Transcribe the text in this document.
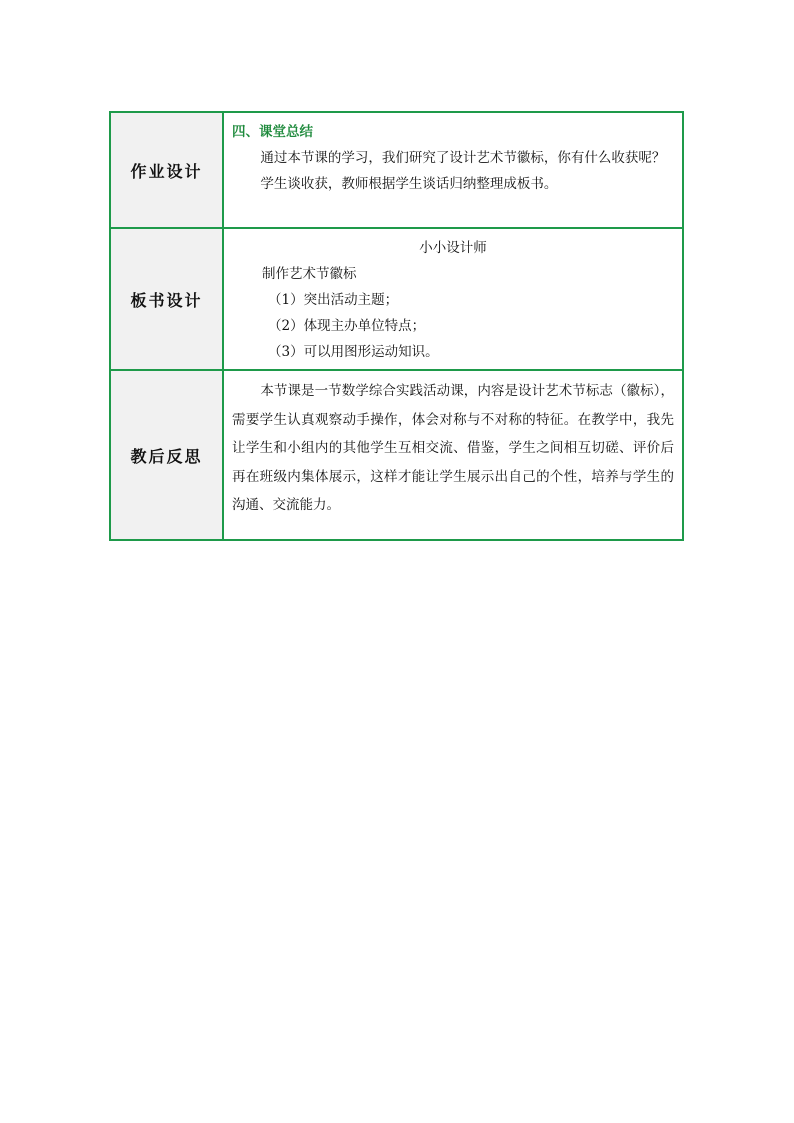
作业设计	四、课堂总结

通过本节课的学习，我们研究了设计艺术节徽标，你有什么收获呢？

学生谈收获，教师根据学生谈话归纳整理成板书。

板书设计	小小设计师

制作艺术节徽标

（1）突出活动主题；

（2）体现主办单位特点；

（3）可以用图形运动知识。

教后反思	本节课是一节数学综合实践活动课，内容是设计艺术节标志（徽标），需要学生认真观察动手操作，体会对称与不对称的特征。在教学中，我先让学生和小组内的其他学生互相交流、借鉴，学生之间相互切磋、评价后再在班级内集体展示，这样才能让学生展示出自己的个性，培养与学生的沟通、交流能力。
